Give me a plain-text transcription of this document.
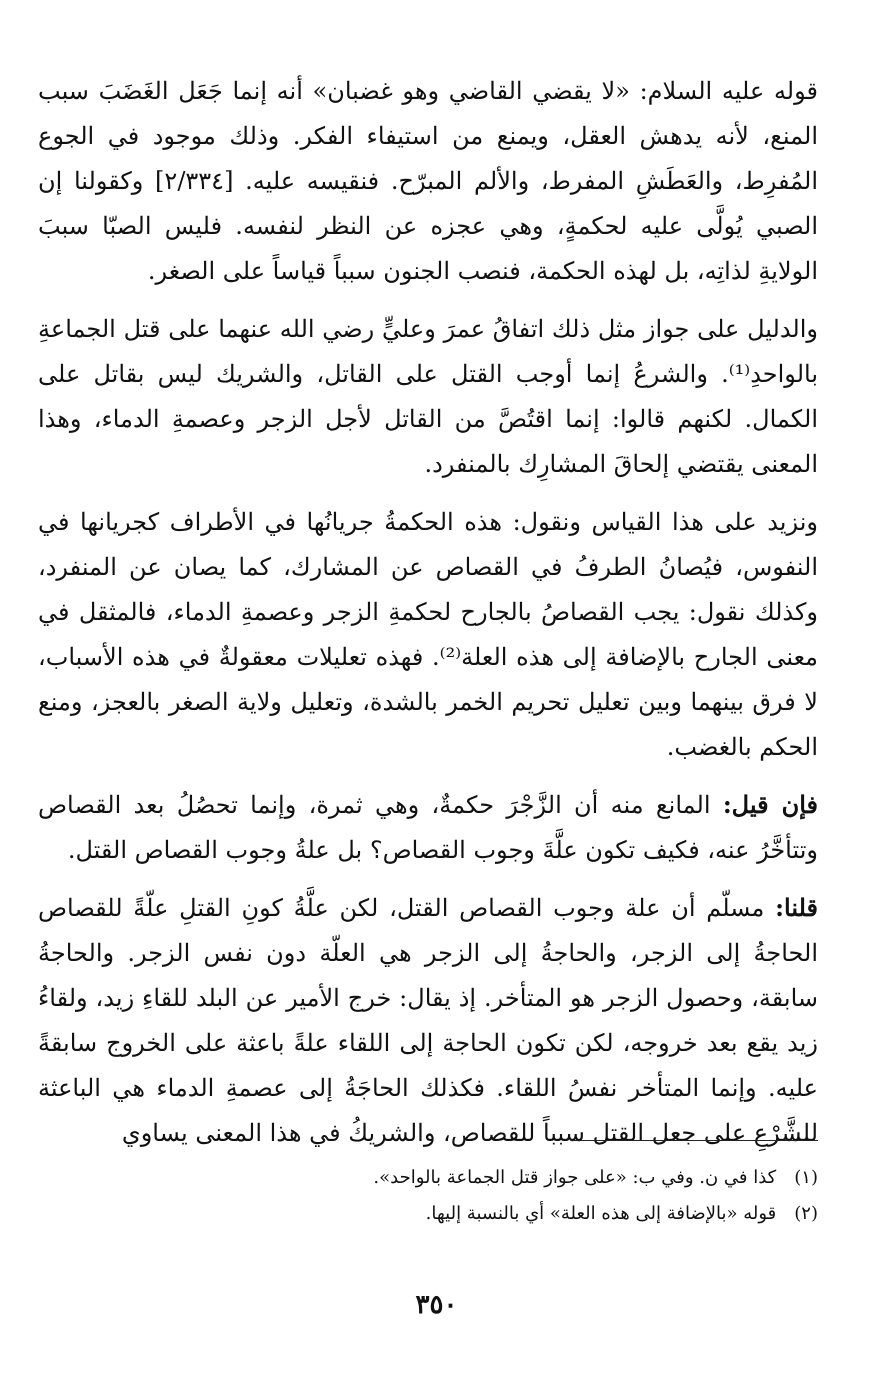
قوله عليه السلام: «لا يقضي القاضي وهو غضبان» أنه إنما جَعَل الغَضَبَ سبب المنع، لأنه يدهش العقل، ويمنع من استيفاء الفكر. وذلك موجود في الجوع المُفرِط، والعَطَشِ المفرط، والألم المبرّح. فنقيسه عليه. [٢/٣٣٤] وكقولنا إن الصبي يُولَّى عليه لحكمةٍ، وهي عجزه عن النظر لنفسه. فليس الصبّا سببَ الولايةِ لذاتِه، بل لهذه الحكمة، فنصب الجنون سبباً قياساً على الصغر.

والدليل على جواز مثل ذلك اتفاقُ عمرَ وعليٍّ رضي الله عنهما على قتل الجماعةِ بالواحدِ⁽¹⁾. والشرعُ إنما أوجب القتل على القاتل، والشريك ليس بقاتل على الكمال. لكنهم قالوا: إنما اقتُصَّ من القاتل لأجل الزجر وعصمةِ الدماء، وهذا المعنى يقتضي إلحاقَ المشارِك بالمنفرد.

ونزيد على هذا القياس ونقول: هذه الحكمةُ جريانُها في الأطراف كجريانها في النفوس، فيُصانُ الطرفُ في القصاص عن المشارك، كما يصان عن المنفرد، وكذلك نقول: يجب القصاصُ بالجارح لحكمةِ الزجر وعصمةِ الدماء، فالمثقل في معنى الجارح بالإضافة إلى هذه العلة⁽²⁾. فهذه تعليلات معقولةٌ في هذه الأسباب، لا فرق بينهما وبين تعليل تحريم الخمر بالشدة، وتعليل ولاية الصغر بالعجز، ومنع الحكم بالغضب.

فإن قيل: المانع منه أن الزَّجْرَ حكمةٌ، وهي ثمرة، وإنما تحصُلُ بعد القصاص وتتأخَّرُ عنه، فكيف تكون علَّةَ وجوب القصاص؟ بل علةُ وجوب القصاص القتل.

قلنا: مسلّم أن علة وجوب القصاص القتل، لكن علَّةُ كونِ القتلِ علّةً للقصاص الحاجةُ إلى الزجر، والحاجةُ إلى الزجر هي العلّة دون نفس الزجر. والحاجةُ سابقة، وحصول الزجر هو المتأخر. إذ يقال: خرج الأمير عن البلد للقاءِ زيد، ولقاءُ زيد يقع بعد خروجه، لكن تكون الحاجة إلى اللقاء علةً باعثة على الخروج سابقةً عليه. وإنما المتأخر نفسُ اللقاء. فكذلك الحاجَةُ إلى عصمةِ الدماء هي الباعثة للشَّرْعِ على جعل القتل سبباً للقصاص، والشريكُ في هذا المعنى يساوي

(١)
كذا في ن. وفي ب: «على جواز قتل الجماعة بالواحد».

(٢)
قوله «بالإضافة إلى هذه العلة» أي بالنسبة إليها.

٣٥٠
